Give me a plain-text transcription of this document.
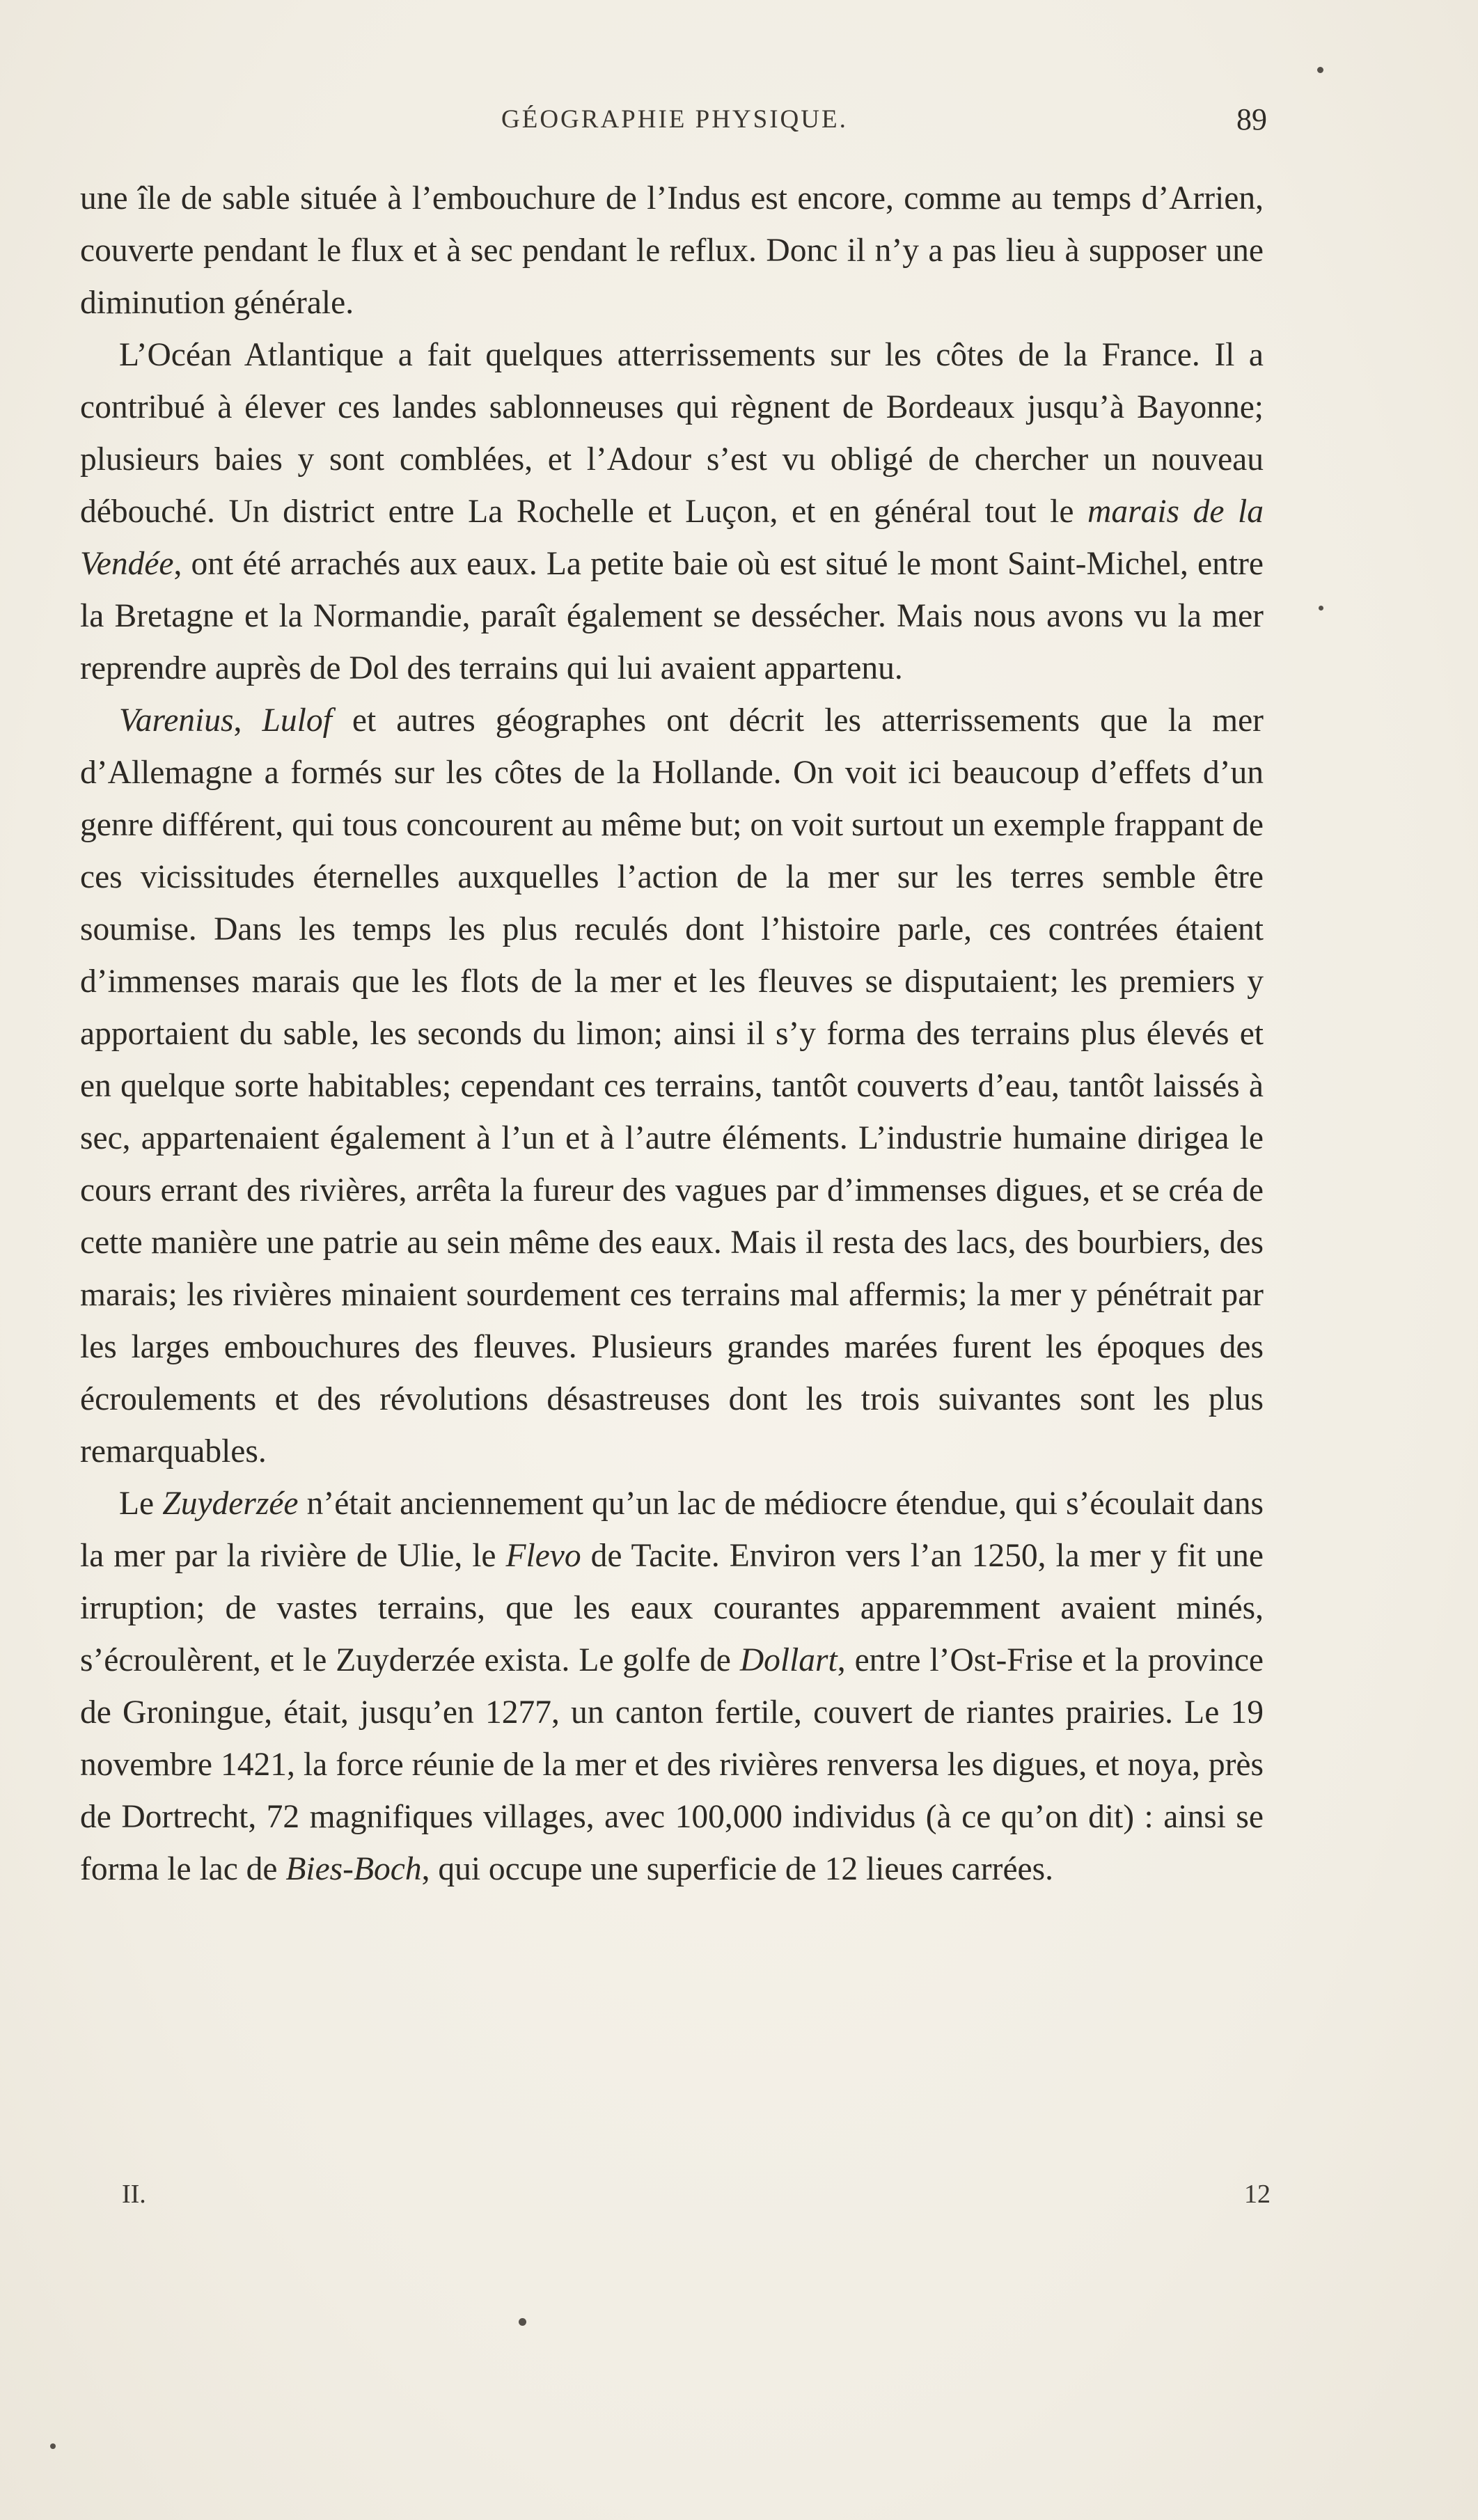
GÉOGRAPHIE PHYSIQUE.	89

une île de sable située à l’embouchure de l’Indus est encore, comme au temps d’Arrien, couverte pendant le flux et à sec pendant le reflux. Donc il n’y a pas lieu à supposer une diminution générale.

L’Océan Atlantique a fait quelques atterrissements sur les côtes de la France. Il a contribué à élever ces landes sablonneuses qui règnent de Bordeaux jusqu’à Bayonne; plusieurs baies y sont comblées, et l’Adour s’est vu obligé de chercher un nouveau débouché. Un district entre La Rochelle et Luçon, et en général tout le marais de la Vendée, ont été arrachés aux eaux. La petite baie où est situé le mont Saint-Michel, entre la Bretagne et la Normandie, paraît également se dessécher. Mais nous avons vu la mer reprendre auprès de Dol des terrains qui lui avaient appartenu.

Varenius, Lulof et autres géographes ont décrit les atterrissements que la mer d’Allemagne a formés sur les côtes de la Hollande. On voit ici beaucoup d’effets d’un genre différent, qui tous concourent au même but; on voit surtout un exemple frappant de ces vicissitudes éternelles auxquelles l’action de la mer sur les terres semble être soumise. Dans les temps les plus reculés dont l’histoire parle, ces contrées étaient d’immenses marais que les flots de la mer et les fleuves se disputaient; les premiers y apportaient du sable, les seconds du limon; ainsi il s’y forma des terrains plus élevés et en quelque sorte habitables; cependant ces terrains, tantôt couverts d’eau, tantôt laissés à sec, appartenaient également à l’un et à l’autre éléments. L’industrie humaine dirigea le cours errant des rivières, arrêta la fureur des vagues par d’immenses digues, et se créa de cette manière une patrie au sein même des eaux. Mais il resta des lacs, des bourbiers, des marais; les rivières minaient sourdement ces terrains mal affermis; la mer y pénétrait par les larges embouchures des fleuves. Plusieurs grandes marées furent les époques des écroulements et des révolutions désastreuses dont les trois suivantes sont les plus remarquables.

Le Zuyderzée n’était anciennement qu’un lac de médiocre étendue, qui s’écoulait dans la mer par la rivière de Ulie, le Flevo de Tacite. Environ vers l’an 1250, la mer y fit une irruption; de vastes terrains, que les eaux courantes apparemment avaient minés, s’écroulèrent, et le Zuyderzée exista. Le golfe de Dollart, entre l’Ost-Frise et la province de Groningue, était, jusqu’en 1277, un canton fertile, couvert de riantes prairies. Le 19 novembre 1421, la force réunie de la mer et des rivières renversa les digues, et noya, près de Dortrecht, 72 magnifiques villages, avec 100,000 individus (à ce qu’on dit) : ainsi se forma le lac de Bies-Boch, qui occupe une superficie de 12 lieues carrées.

II.	12
